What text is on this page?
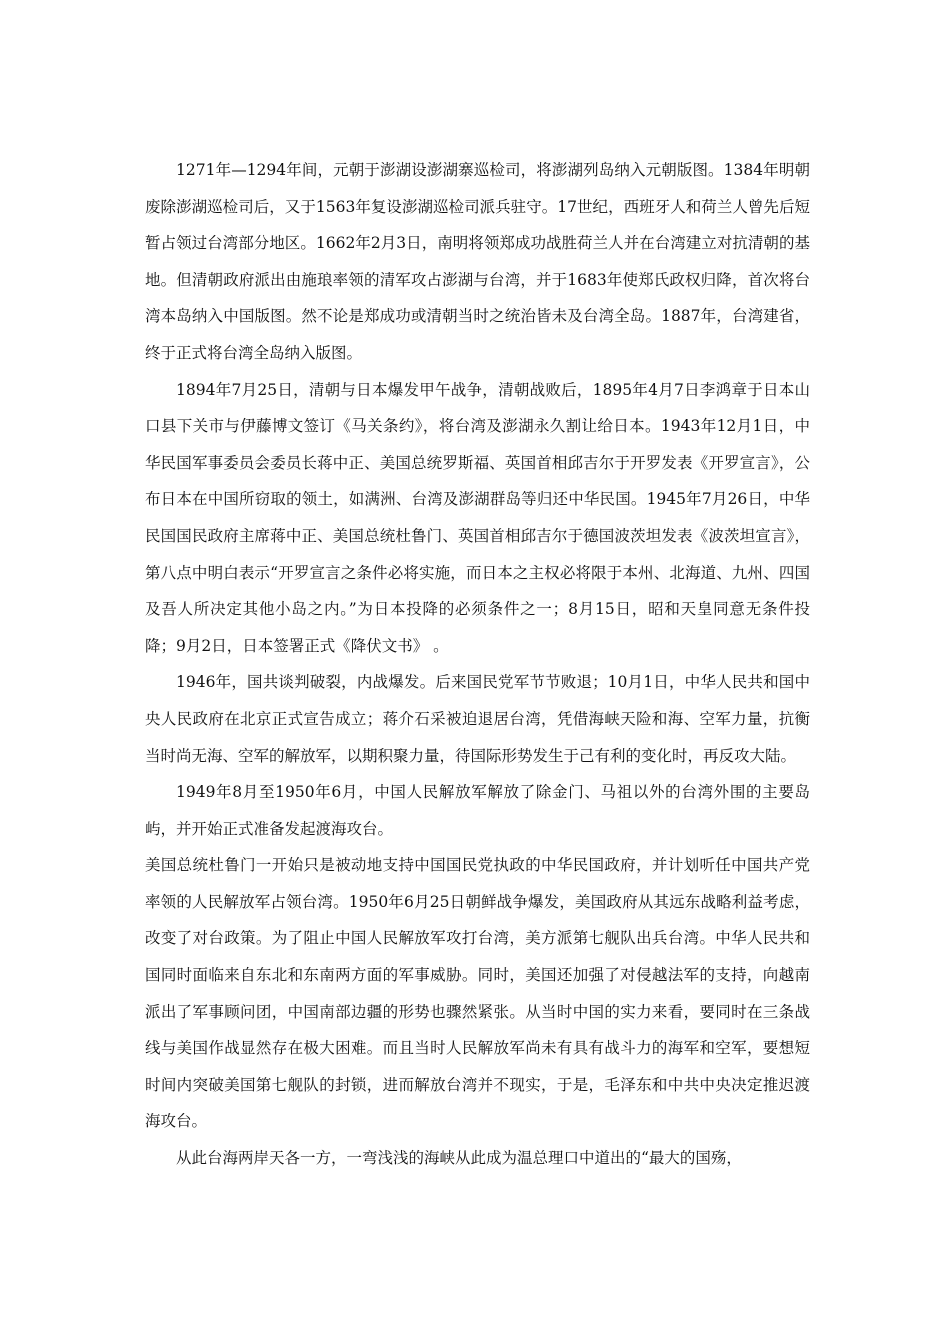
1271年—1294年间，元朝于澎湖设澎湖寨巡检司，将澎湖列岛纳入元朝版图。1384年明朝废除澎湖巡检司后，又于1563年复设澎湖巡检司派兵驻守。17世纪，西班牙人和荷兰人曾先后短暂占领过台湾部分地区。1662年2月3日，南明将领郑成功战胜荷兰人并在台湾建立对抗清朝的基地。但清朝政府派出由施琅率领的清军攻占澎湖与台湾，并于1683年使郑氏政权归降，首次将台湾本岛纳入中国版图。然不论是郑成功或清朝当时之统治皆未及台湾全岛。1887年，台湾建省，终于正式将台湾全岛纳入版图。

1894年7月25日，清朝与日本爆发甲午战争，清朝战败后，1895年4月7日李鸿章于日本山口县下关市与伊藤博文签订《马关条约》，将台湾及澎湖永久割让给日本。1943年12月1日，中华民国军事委员会委员长蒋中正、美国总统罗斯福、英国首相邱吉尔于开罗发表《开罗宣言》，公布日本在中国所窃取的领土，如满洲、台湾及澎湖群岛等归还中华民国。1945年7月26日，中华民国国民政府主席蒋中正、美国总统杜鲁门、英国首相邱吉尔于德国波茨坦发表《波茨坦宣言》，第八点中明白表示“开罗宣言之条件必将实施，而日本之主权必将限于本州、北海道、九州、四国及吾人所决定其他小岛之内。”为日本投降的必须条件之一；8月15日，昭和天皇同意无条件投降；9月2日，日本签署正式《降伏文书》 。

1946年，国共谈判破裂，内战爆发。后来国民党军节节败退；10月1日，中华人民共和国中央人民政府在北京正式宣告成立；蒋介石采被迫退居台湾，凭借海峡天险和海、空军力量，抗衡当时尚无海、空军的解放军，以期积聚力量，待国际形势发生于己有利的变化时，再反攻大陆。

1949年8月至1950年6月，中国人民解放军解放了除金门、马祖以外的台湾外围的主要岛屿，并开始正式准备发起渡海攻台。

美国总统杜鲁门一开始只是被动地支持中国国民党执政的中华民国政府，并计划听任中国共产党率领的人民解放军占领台湾。1950年6月25日朝鲜战争爆发，美国政府从其远东战略利益考虑，改变了对台政策。为了阻止中国人民解放军攻打台湾，美方派第七舰队出兵台湾。中华人民共和国同时面临来自东北和东南两方面的军事威胁。同时，美国还加强了对侵越法军的支持，向越南派出了军事顾问团，中国南部边疆的形势也骤然紧张。从当时中国的实力来看，要同时在三条战线与美国作战显然存在极大困难。而且当时人民解放军尚未有具有战斗力的海军和空军，要想短时间内突破美国第七舰队的封锁，进而解放台湾并不现实，于是，毛泽东和中共中央决定推迟渡海攻台。

从此台海两岸天各一方，一弯浅浅的海峡从此成为温总理口中道出的“最大的国殇，
